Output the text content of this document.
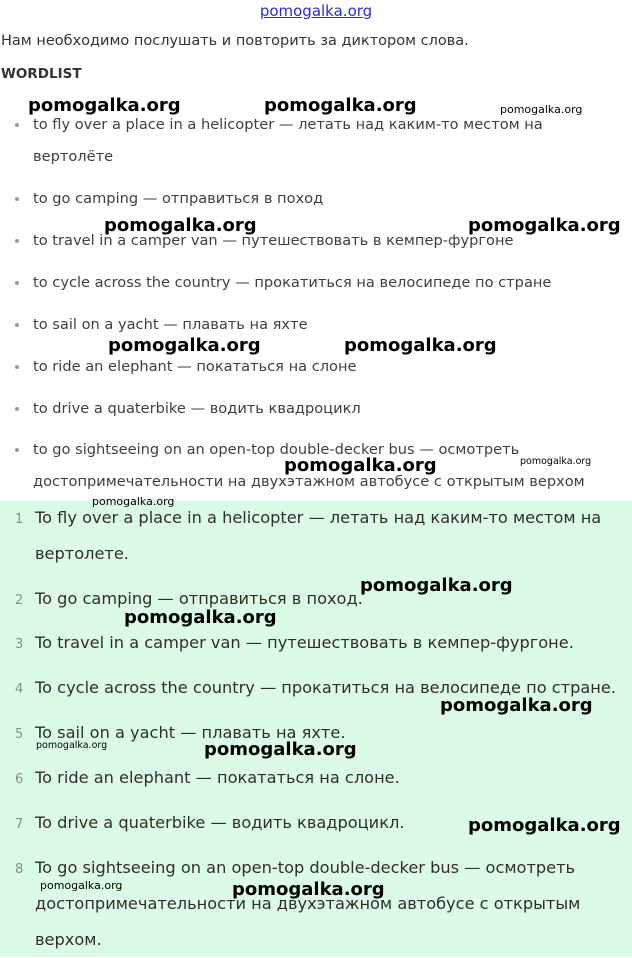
pomogalka.org
Нам необходимо послушать и повторить за диктором слова.
WORDLIST
to fly over a place in a helicopter — летать над каким-то местом на вертолёте
to go camping — отправиться в поход
to travel in a camper van — путешествовать в кемпер-фургоне
to cycle across the country — прокатиться на велосипеде по стране
to sail on a yacht — плавать на яхте
to ride an elephant — покататься на слоне
to drive a quaterbike — водить квадроцикл
to go sightseeing on an open-top double-decker bus — осмотреть достопримечательности на двухэтажном автобусе с открытым верхом
1 To fly over a place in a helicopter — летать над каким-то местом на вертолете.
2 To go camping — отправиться в поход.
3 To travel in a camper van — путешествовать в кемпер-фургоне.
4 To cycle across the country — прокатиться на велосипеде по стране.
5 To sail on a yacht — плавать на яхте.
6 To ride an elephant — покататься на слоне.
7 To drive a quaterbike — водить квадроцикл.
8 To go sightseeing on an open-top double-decker bus — осмотреть достопримечательности на двухэтажном автобусе с открытым верхом.
pomogalka.org	pomogalka.org	pomogalka.org
pomogalka.org	pomogalka.org
pomogalka.org	pomogalka.org
pomogalka.org	pomogalka.org
pomogalka.org
pomogalka.org
pomogalka.org
pomogalka.org
pomogalka.org	pomogalka.org
pomogalka.org
pomogalka.org	pomogalka.org
